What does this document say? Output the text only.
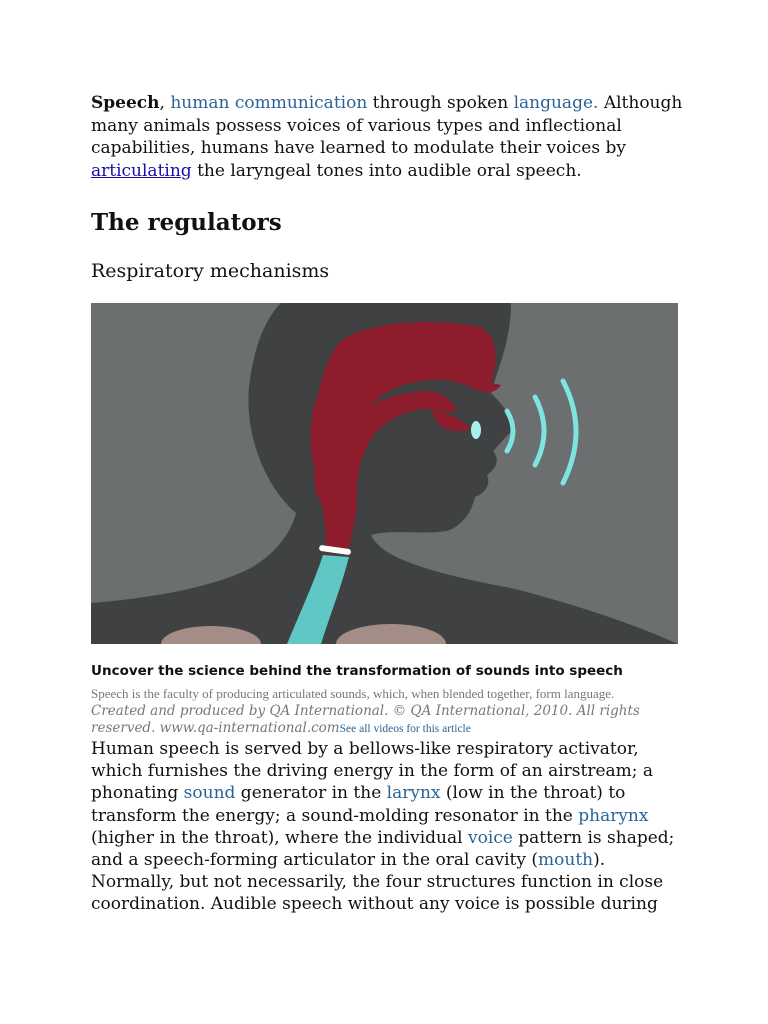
Speech, human communication through spoken language. Although many animals possess voices of various types and inflectional capabilities, humans have learned to modulate their voices by articulating the laryngeal tones into audible oral speech.

The regulators
Respiratory mechanisms

Uncover the science behind the transformation of sounds into speech

Speech is the faculty of producing articulated sounds, which, when blended together, form language.

Created and produced by QA International. © QA International, 2010. All rights reserved. www.qa-international.comSee all videos for this article

Human speech is served by a bellows-like respiratory activator, which furnishes the driving energy in the form of an airstream; a phonating sound generator in the larynx (low in the throat) to transform the energy; a sound-molding resonator in the pharynx (higher in the throat), where the individual voice pattern is shaped; and a speech-forming articulator in the oral cavity (mouth). Normally, but not necessarily, the four structures function in close coordination. Audible speech without any voice is possible during
